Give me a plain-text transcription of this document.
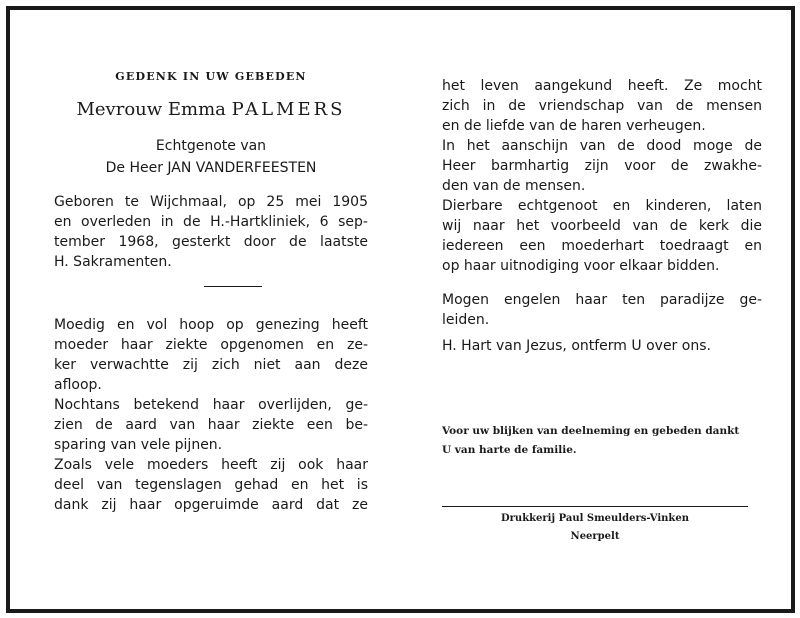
GEDENK IN UW GEBEDEN
Mevrouw Emma PALMERS
Echtgenote van
De Heer JAN VANDERFEESTEN
Geboren te Wijchmaal, op 25 mei 1905
en overleden in de H.-Hartkliniek, 6 sep-
tember 1968, gesterkt door de laatste
H. Sakramenten.
Moedig en vol hoop op genezing heeft
moeder haar ziekte opgenomen en ze-
ker verwachtte zij zich niet aan deze
afloop.
Nochtans betekend haar overlijden, ge-
zien de aard van haar ziekte een be-
sparing van vele pijnen.
Zoals vele moeders heeft zij ook haar
deel van tegenslagen gehad en het is
dank zij haar opgeruimde aard dat ze
het leven aangekund heeft. Ze mocht
zich in de vriendschap van de mensen
en de liefde van de haren verheugen.
In het aanschijn van de dood moge de
Heer barmhartig zijn voor de zwakhe-
den van de mensen.
Dierbare echtgenoot en kinderen, laten
wij naar het voorbeeld van de kerk die
iedereen een moederhart toedraagt en
op haar uitnodiging voor elkaar bidden.
Mogen engelen haar ten paradijze ge-
leiden.
H. Hart van Jezus, ontferm U over ons.
Voor uw blijken van deelneming en gebeden dankt
U van harte de familie.
Drukkerij Paul Smeulders-Vinken
Neerpelt
